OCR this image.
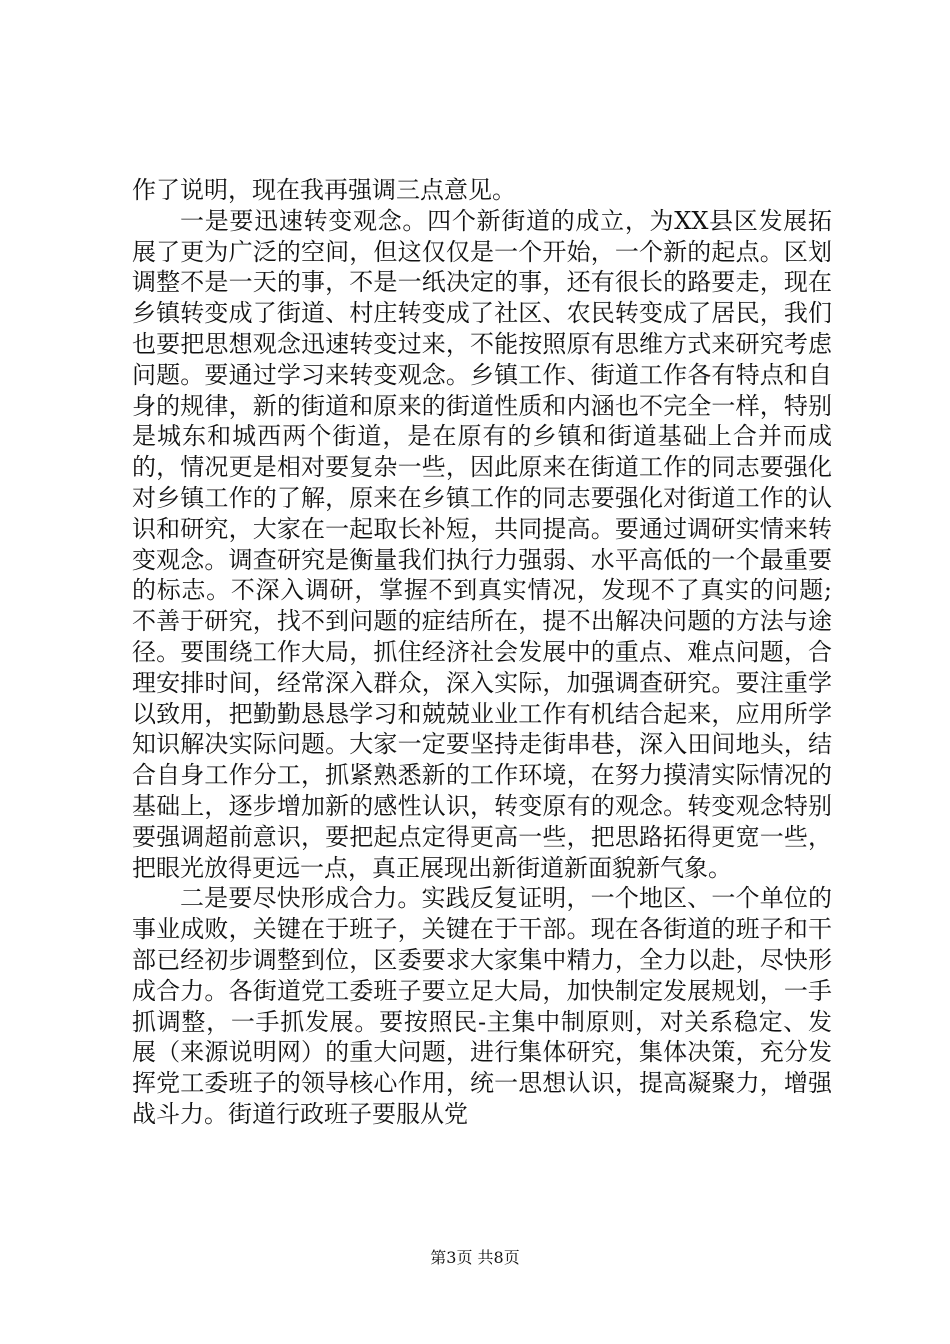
作了说明，现在我再强调三点意见。

一是要迅速转变观念。四个新街道的成立，为XX县区发展拓展了更为广泛的空间，但这仅仅是一个开始，一个新的起点。区划调整不是一天的事，不是一纸决定的事，还有很长的路要走，现在乡镇转变成了街道、村庄转变成了社区、农民转变成了居民，我们也要把思想观念迅速转变过来，不能按照原有思维方式来研究考虑问题。要通过学习来转变观念。乡镇工作、街道工作各有特点和自身的规律，新的街道和原来的街道性质和内涵也不完全一样，特别是城东和城西两个街道，是在原有的乡镇和街道基础上合并而成的，情况更是相对要复杂一些，因此原来在街道工作的同志要强化对乡镇工作的了解，原来在乡镇工作的同志要强化对街道工作的认识和研究，大家在一起取长补短，共同提高。要通过调研实情来转变观念。调查研究是衡量我们执行力强弱、水平高低的一个最重要的标志。不深入调研，掌握不到真实情况，发现不了真实的问题;不善于研究，找不到问题的症结所在，提不出解决问题的方法与途径。要围绕工作大局，抓住经济社会发展中的重点、难点问题，合理安排时间，经常深入群众，深入实际，加强调查研究。要注重学以致用，把勤勤恳恳学习和兢兢业业工作有机结合起来，应用所学知识解决实际问题。大家一定要坚持走街串巷，深入田间地头，结合自身工作分工，抓紧熟悉新的工作环境，在努力摸清实际情况的基础上，逐步增加新的感性认识，转变原有的观念。转变观念特别要强调超前意识，要把起点定得更高一些，把思路拓得更宽一些，把眼光放得更远一点，真正展现出新街道新面貌新气象。

二是要尽快形成合力。实践反复证明，一个地区、一个单位的事业成败，关键在于班子，关键在于干部。现在各街道的班子和干部已经初步调整到位，区委要求大家集中精力，全力以赴，尽快形成合力。各街道党工委班子要立足大局，加快制定发展规划，一手抓调整，一手抓发展。要按照民-主集中制原则，对关系稳定、发展（来源说明网）的重大问题，进行集体研究，集体决策，充分发挥党工委班子的领导核心作用，统一思想认识，提高凝聚力，增强战斗力。街道行政班子要服从党

第3页 共8页
